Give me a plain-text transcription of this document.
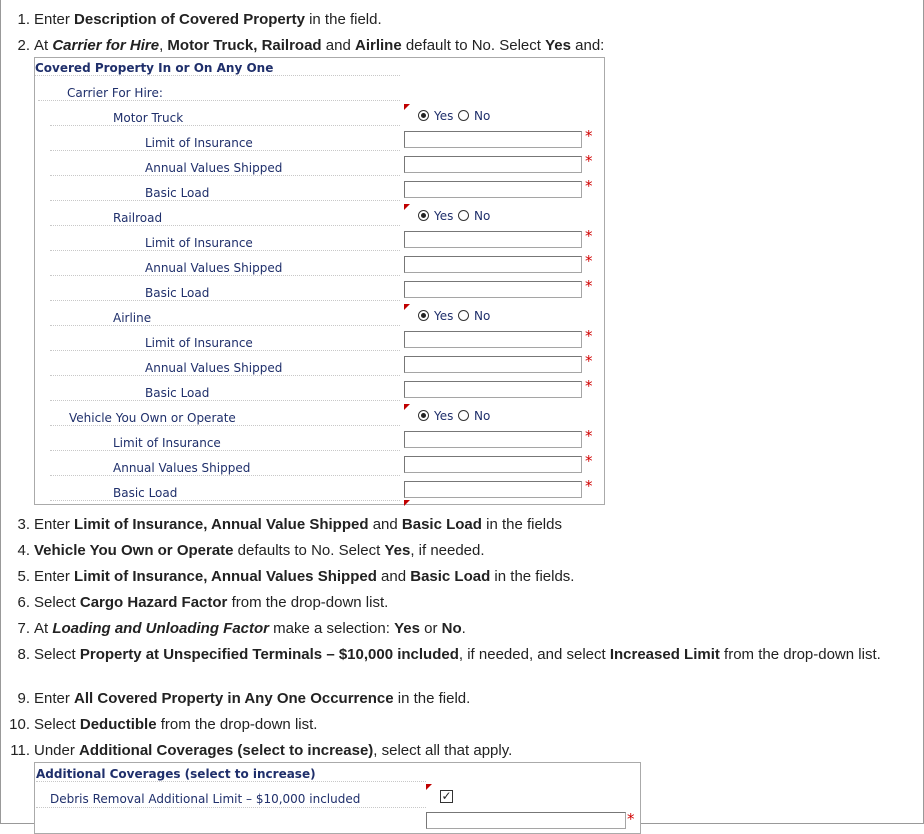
1. Enter Description of Covered Property in the field.
2. At Carrier for Hire, Motor Truck, Railroad and Airline default to No. Select Yes and:
3. Enter Limit of Insurance, Annual Value Shipped and Basic Load in the fields
4. Vehicle You Own or Operate defaults to No. Select Yes, if needed.
5. Enter Limit of Insurance, Annual Values Shipped and Basic Load in the fields.
6. Select Cargo Hazard Factor from the drop-down list.
7. At Loading and Unloading Factor make a selection: Yes or No.
8. Select Property at Unspecified Terminals – $10,000 included, if needed, and select Increased Limit from the drop-down list.
9. Enter All Covered Property in Any One Occurrence in the field.
10. Select Deductible from the drop-down list.
11. Under Additional Coverages (select to increase), select all that apply.
Covered Property In or On Any One
Carrier For Hire:
Motor Truck	Yes No
Limit of Insurance	*
Annual Values Shipped	*
Basic Load	*
Railroad	Yes No
Limit of Insurance	*
Annual Values Shipped	*
Basic Load	*
Airline	Yes No
Limit of Insurance	*
Annual Values Shipped	*
Basic Load	*
Vehicle You Own or Operate	Yes No
Limit of Insurance	*
Annual Values Shipped	*
Basic Load	*
Additional Coverages (select to increase)
Debris Removal Additional Limit – $10,000 included	✓
*
